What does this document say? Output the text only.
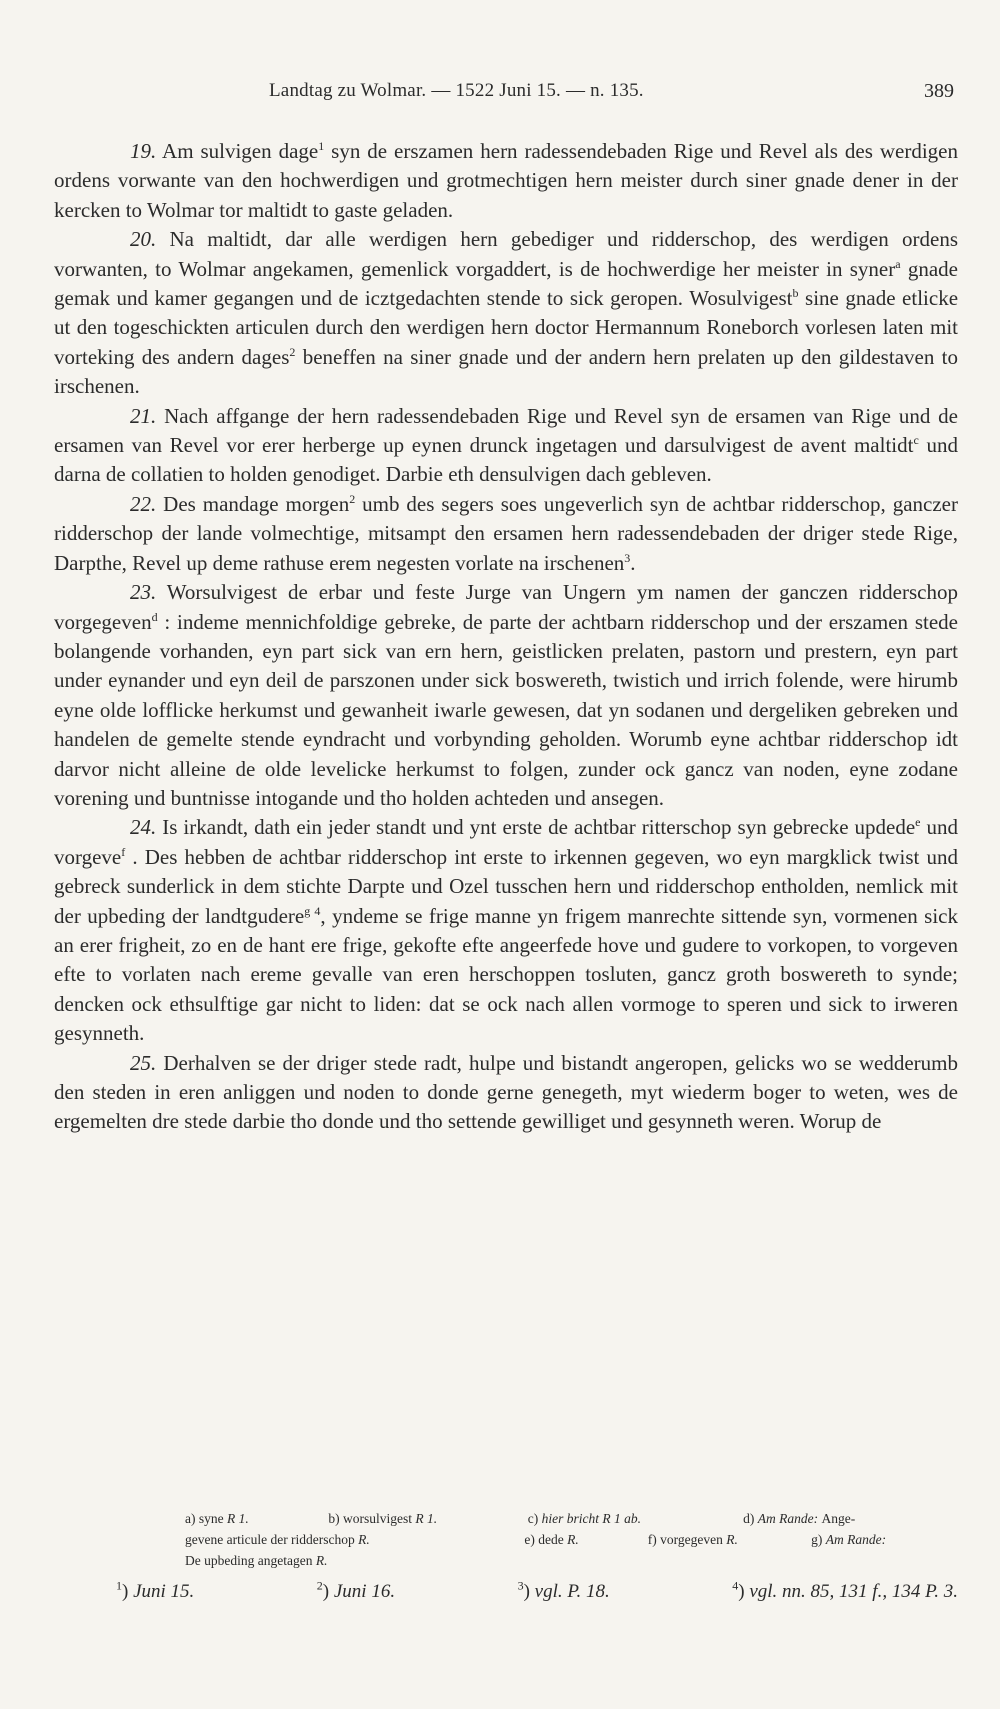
Landtag zu Wolmar. — 1522 Juni 15. — n. 135.	389

19. Am sulvigen dage$^1$ syn de erszamen hern radessendebaden Rige und Revel als des werdigen ordens vorwante van den hochwerdigen und grotmechtigen hern meister durch siner gnade dener in der kercken to Wolmar tor maltidt to gaste geladen.

20. Na maltidt, dar alle werdigen hern gebediger und ridderschop, des werdigen ordens vorwanten, to Wolmar angekamen, gemenlick vorgaddert, is de hochwerdige her meister in syner$^a$ gnade gemak und kamer gegangen und de icztgedachten stende to sick geropen. Wosulvigest$^b$ sine gnade etlicke ut den togeschickten articulen durch den werdigen hern doctor Hermannum Roneborch vorlesen laten mit vorteking des andern dages$^2$ beneffen na siner gnade und der andern hern prelaten up den gildestaven to irschenen.

21. Nach affgange der hern radessendebaden Rige und Revel syn de ersamen van Rige und de ersamen van Revel vor erer herberge up eynen drunck ingetagen und darsulvigest de avent maltidt$^c$ und darna de collatien to holden genodiget. Darbie eth densulvigen dach gebleven.

22. Des mandage morgen$^2$ umb des segers soes ungeverlich syn de achtbar ridderschop, ganczer ridderschop der lande volmechtige, mitsampt den ersamen hern radessendebaden der driger stede Rige, Darpthe, Revel up deme rathuse erem negesten vorlate na irschenen$^3$.

23. Worsulvigest de erbar und feste Jurge van Ungern ym namen der ganczen ridderschop vorgegeven$^d$ : indeme mennichfoldige gebreke, de parte der achtbarn ridderschop und der erszamen stede bolangende vorhanden, eyn part sick van ern hern, geistlicken prelaten, pastorn und prestern, eyn part under eynander und eyn deil de parszonen under sick boswereth, twistich und irrich folende, were hirumb eyne olde lofflicke herkumst und gewanheit iwarle gewesen, dat yn sodanen und dergeliken gebreken und handelen de gemelte stende eyndracht und vorbynding geholden. Worumb eyne achtbar ridderschop idt darvor nicht alleine de olde levelicke herkumst to folgen, zunder ock gancz van noden, eyne zodane vorening und buntnisse intogande und tho holden achteden und ansegen.

24. Is irkandt, dath ein jeder standt und ynt erste de achtbar ritterschop syn gebrecke updede$^e$ und vorgeve$^f$ . Des hebben de achtbar ridderschop int erste to irkennen gegeven, wo eyn margklick twist und gebreck sunderlick in dem stichte Darpte und Ozel tusschen hern und ridderschop entholden, nemlick mit der upbeding der landtgudere$^{g 4}$, yndeme se frige manne yn frigem manrechte sittende syn, vormenen sick an erer frigheit, zo en de hant ere frige, gekofte efte angeerfede hove und gudere to vorkopen, to vorgeven efte to vorlaten nach ereme gevalle van eren herschoppen tosluten, gancz groth boswereth to synde; dencken ock ethsulftige gar nicht to liden: dat se ock nach allen vormoge to speren und sick to irweren gesynneth.

25. Derhalven se der driger stede radt, hulpe und bistandt angeropen, gelicks wo se wedderumb den steden in eren anliggen und noden to donde gerne genegeth, myt wiederm boger to weten, wes de ergemelten dre stede darbie tho donde und tho settende gewilliget und gesynneth weren. Worup de

a) syne R 1.	b) worsulvigest R 1.	c) hier bricht R 1 ab.	d) Am Rande: Ange-
gevene articule der ridderschop R.	e) dede R.	f) vorgegeven R.	g) Am Rande:
De upbeding angetagen R.
$^1$) Juni 15.	$^2$) Juni 16.	$^3$) vgl. P. 18.	$^4$) vgl. nn. 85, 131 f., 134 P. 3.
